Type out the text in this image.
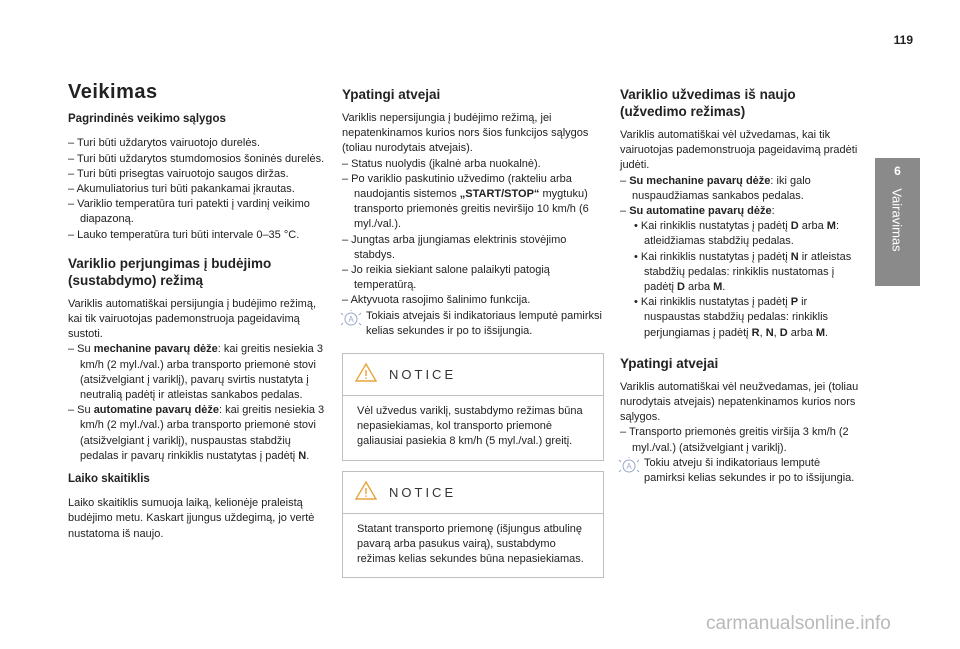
119
6
Vairavimas
Veikimas
Pagrindinės veikimo sąlygos

– Turi būti uždarytos vairuotojo durelės.

– Turi būti uždarytos stumdomosios šoninės durelės.

– Turi būti prisegtas vairuotojo saugos diržas.

– Akumuliatorius turi būti pakankamai įkrautas.

– Variklio temperatūra turi patekti į vardinį veikimo diapazoną.

– Lauko temperatūra turi būti intervale 0–35 °C.

Variklio perjungimas į budėjimo (sustabdymo) režimą

Variklis automatiškai persijungia į budėjimo režimą, kai tik vairuotojas pademonstruoja pageidavimą sustoti.

– Su mechanine pavarų dėže: kai greitis nesiekia 3 km/h (2 myl./val.) arba transporto priemonė stovi (atsižvelgiant į variklį), pavarų svirtis nustatyta į neutralią padėtį ir atleistas sankabos pedalas.

– Su automatine pavarų dėže: kai greitis nesiekia 3 km/h (2 myl./val.) arba transporto priemonė stovi (atsižvelgiant į variklį), nuspaustas stabdžių pedalas ir pavarų rinkiklis nustatytas į padėtį N.

Laiko skaitiklis

Laiko skaitiklis sumuoja laiką, kelionėje praleistą budėjimo metu. Kaskart įjungus uždegimą, jo vertė nustatoma iš naujo.

Ypatingi atvejai

Variklis nepersijungia į budėjimo režimą, jei nepatenkinamos kurios nors šios funkcijos sąlygos (toliau nurodytais atvejais).

– Status nuolydis (įkalnė arba nuokalnė).

– Po variklio paskutinio užvedimo (rakteliu arba naudojantis sistemos „START/STOP“ mygtuku) transporto priemonės greitis neviršijo 10 km/h (6 myl./val.).

– Jungtas arba įjungiamas elektrinis stovėjimo stabdys.

– Jo reikia siekiant salone palaikyti patogią temperatūrą.

– Aktyvuota rasojimo šalinimo funkcija.

A Tokiais atvejais ši indikatoriaus lemputė pamirksi kelias sekundes ir po to išsijungia.
NOTICE
Vėl užvedus variklį, sustabdymo režimas būna nepasiekiamas, kol transporto priemonė galiausiai pasiekia 8 km/h (5 myl./val.) greitį.
NOTICE
Statant transporto priemonę (išjungus atbulinę pavarą arba pasukus vairą), sustabdymo režimas kelias sekundes būna nepasiekiamas.
Variklio užvedimas iš naujo (užvedimo režimas)

Variklis automatiškai vėl užvedamas, kai tik vairuotojas pademonstruoja pageidavimą pradėti judėti.

– Su mechanine pavarų dėže: iki galo nuspaudžiamas sankabos pedalas.

– Su automatine pavarų dėže:

• Kai rinkiklis nustatytas į padėtį D arba M: atleidžiamas stabdžių pedalas.

• Kai rinkiklis nustatytas į padėtį N ir atleistas stabdžių pedalas: rinkiklis nustatomas į padėtį D arba M.

• Kai rinkiklis nustatytas į padėtį P ir nuspaustas stabdžių pedalas: rinkiklis perjungiamas į padėtį R, N, D arba M.

Ypatingi atvejai

Variklis automatiškai vėl neužvedamas, jei (toliau nurodytais atvejais) nepatenkinamos kurios nors sąlygos.

– Transporto priemonės greitis viršija 3 km/h (2 myl./val.) (atsižvelgiant į variklį).

A Tokiu atveju ši indikatoriaus lemputė pamirksi kelias sekundes ir po to išsijungia.
carmanualsonline.info
